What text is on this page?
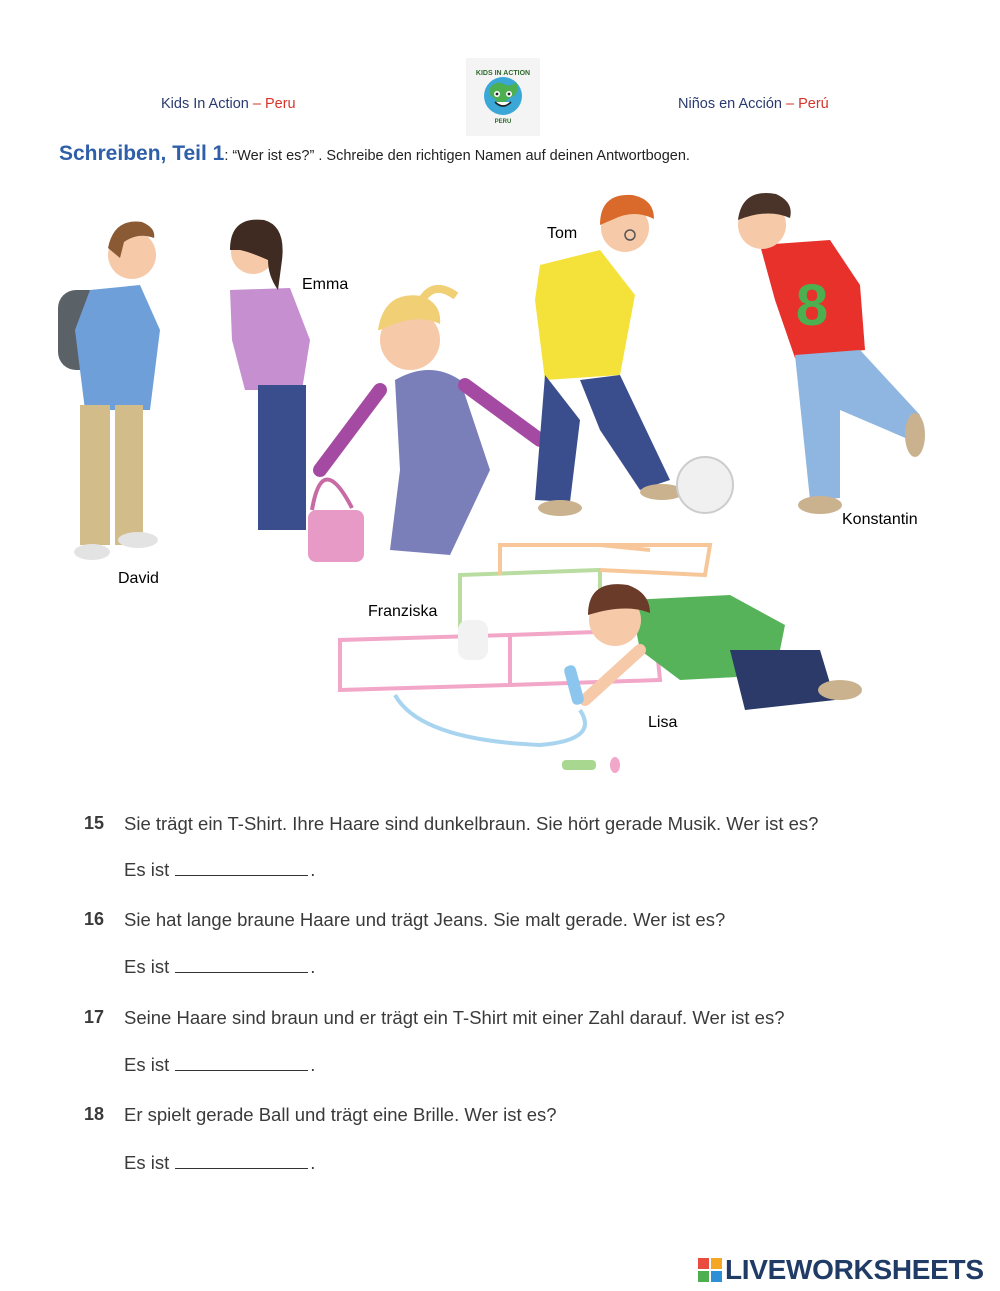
Kids In Action – Peru
KIDS IN ACTION
PERU
Niños en Acción – Perú
Schreiben, Teil 1: “Wer ist es?” . Schreibe den richtigen Namen auf deinen Antwortbogen.
8
David
Emma
Franziska
Tom
Konstantin
Lisa
15 Sie trägt ein T-Shirt. Ihre Haare sind dunkelbraun. Sie hört gerade Musik. Wer ist es?
Es ist	.
16 Sie hat lange braune Haare und trägt Jeans. Sie malt gerade. Wer ist es?
Es ist	.
17 Seine Haare sind braun und er trägt ein T-Shirt mit einer Zahl darauf. Wer ist es?
Es ist	.
18 Er spielt gerade Ball und trägt eine Brille. Wer ist es?
Es ist	.
LIVEWORKSHEETS
